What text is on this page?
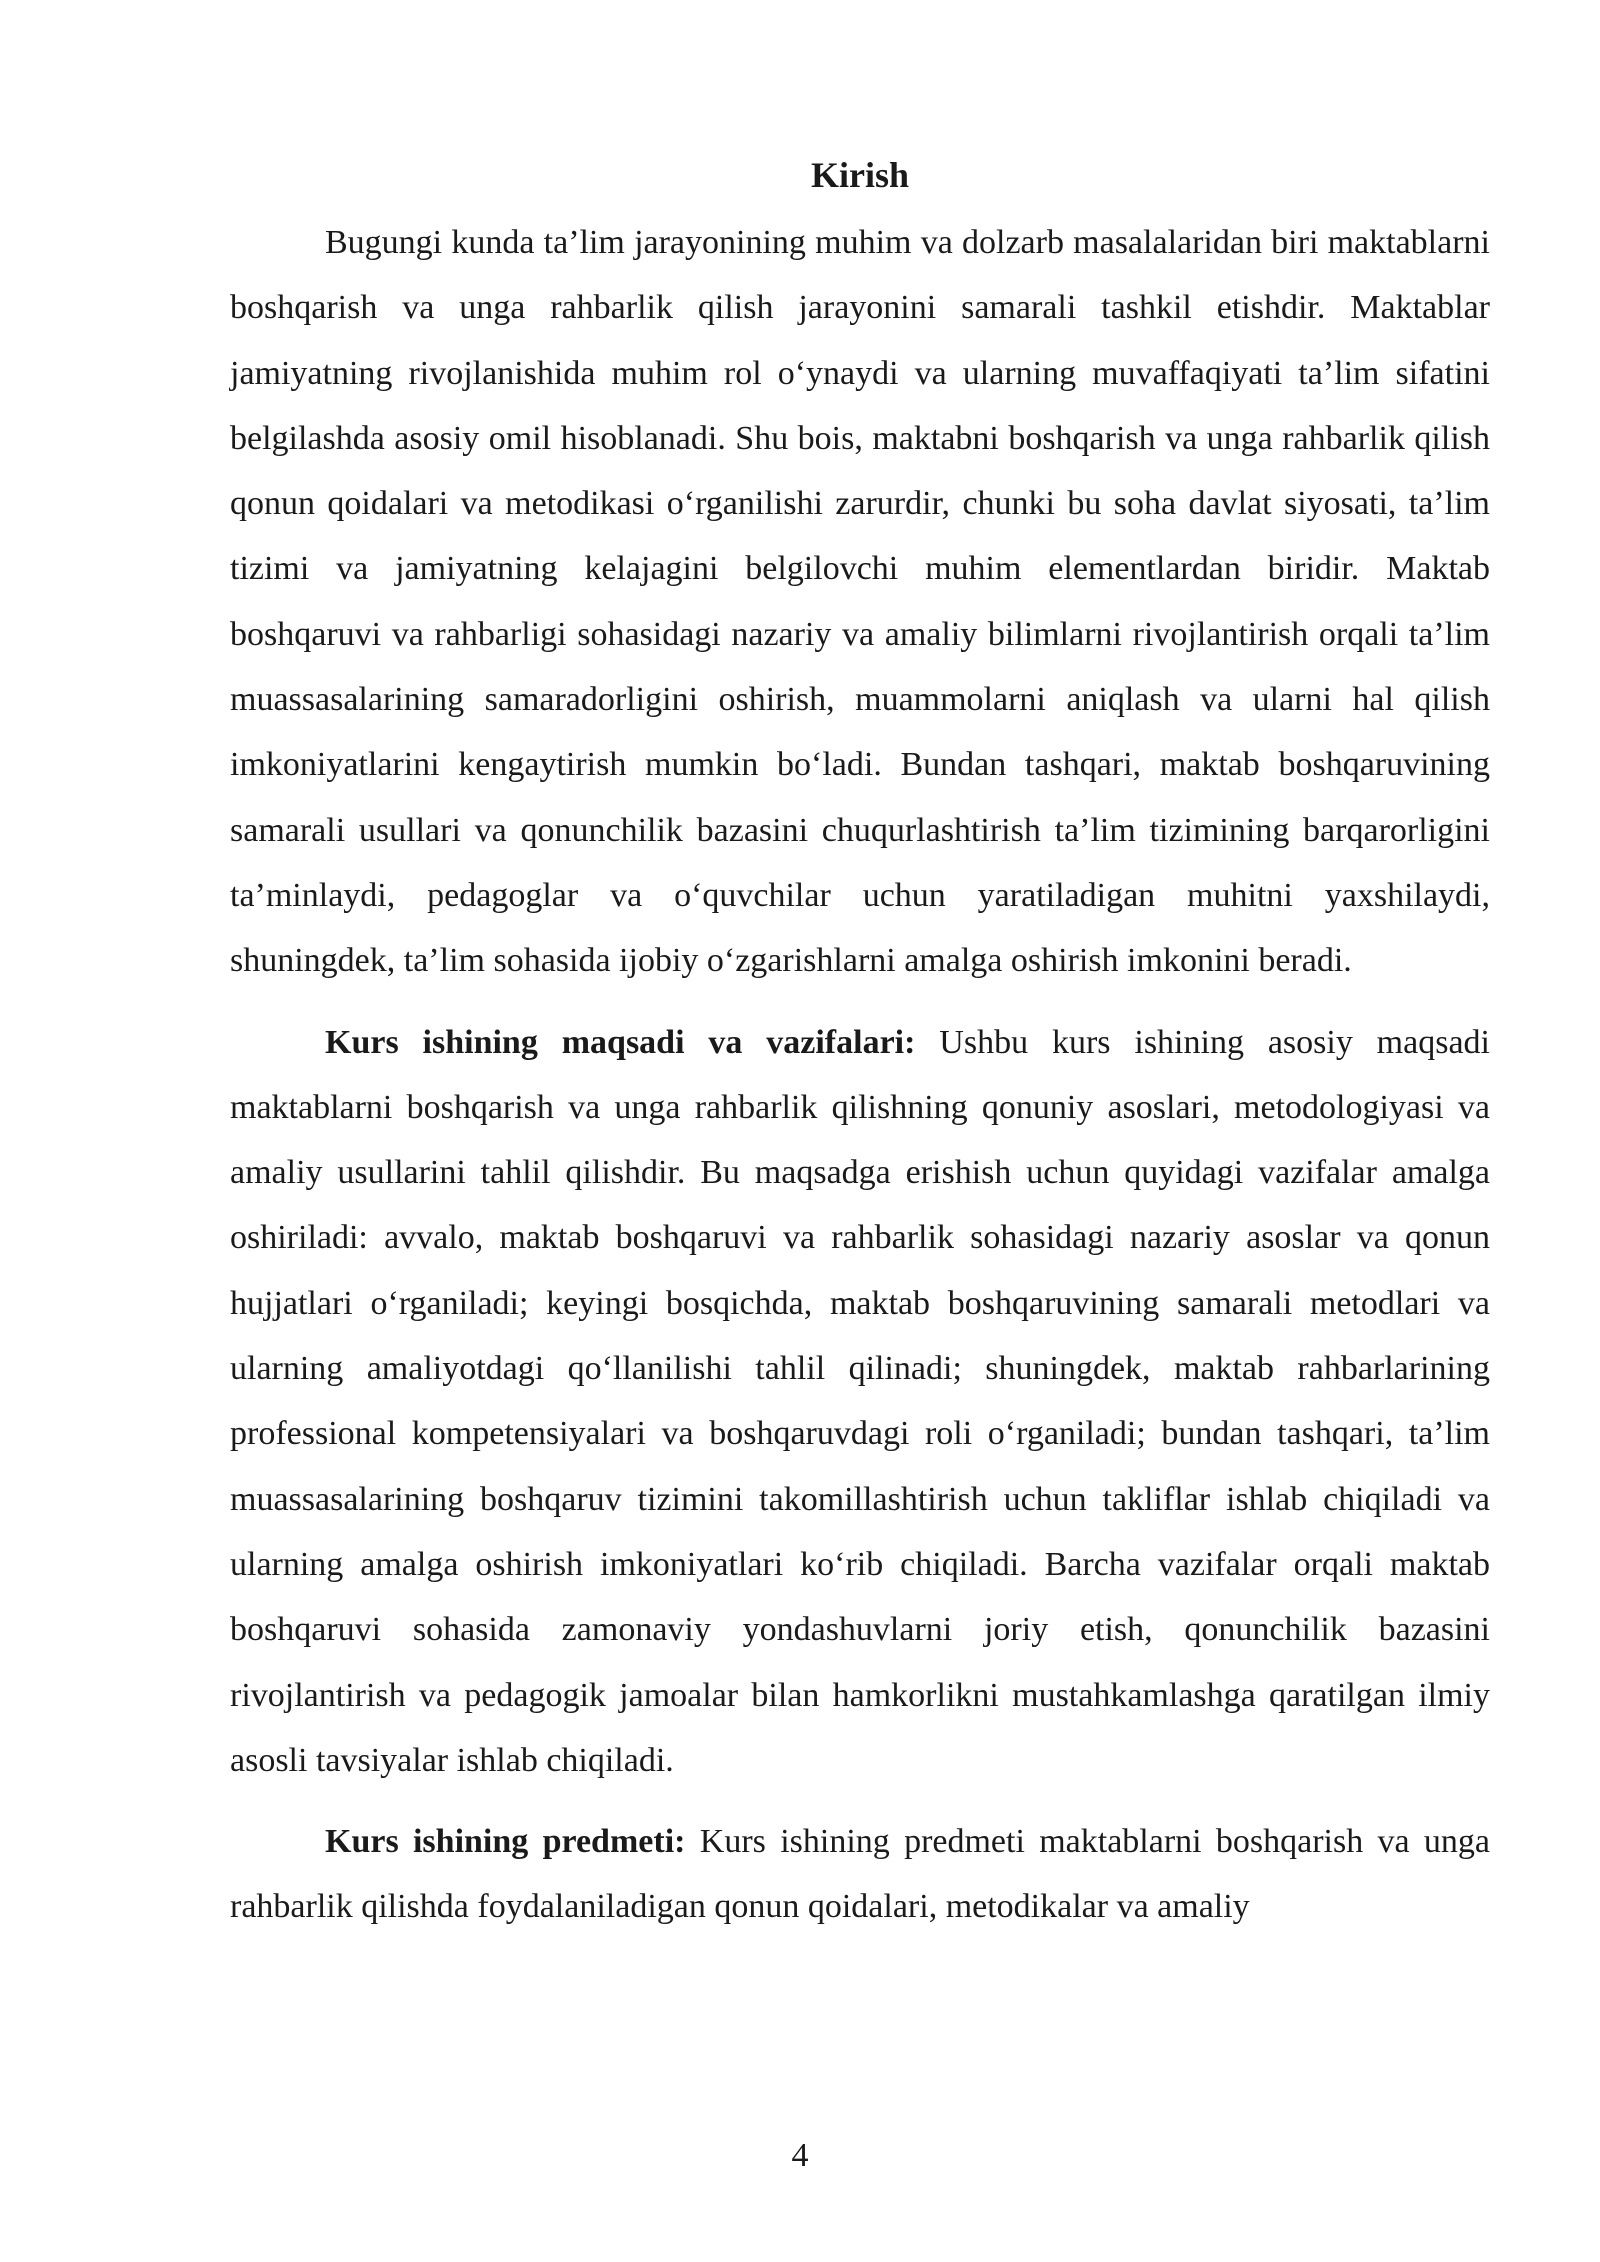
Kirish

Bugungi kunda ta’lim jarayonining muhim va dolzarb masalalaridan biri maktablarni boshqarish va unga rahbarlik qilish jarayonini samarali tashkil etishdir. Maktablar jamiyatning rivojlanishida muhim rol o‘ynaydi va ularning muvaffaqiyati ta’lim sifatini belgilashda asosiy omil hisoblanadi. Shu bois, maktabni boshqarish va unga rahbarlik qilish qonun qoidalari va metodikasi o‘rganilishi zarurdir, chunki bu soha davlat siyosati, ta’lim tizimi va jamiyatning kelajagini belgilovchi muhim elementlardan biridir. Maktab boshqaruvi va rahbarligi sohasidagi nazariy va amaliy bilimlarni rivojlantirish orqali ta’lim muassasalarining samaradorligini oshirish, muammolarni aniqlash va ularni hal qilish imkoniyatlarini kengaytirish mumkin bo‘ladi. Bundan tashqari, maktab boshqaruvining samarali usullari va qonunchilik bazasini chuqurlashtirish ta’lim tizimining barqarorligini ta’minlaydi, pedagoglar va o‘quvchilar uchun yaratiladigan muhitni yaxshilaydi, shuningdek, ta’lim sohasida ijobiy o‘zgarishlarni amalga oshirish imkonini beradi.

Kurs ishining maqsadi va vazifalari: Ushbu kurs ishining asosiy maqsadi maktablarni boshqarish va unga rahbarlik qilishning qonuniy asoslari, metodologiyasi va amaliy usullarini tahlil qilishdir. Bu maqsadga erishish uchun quyidagi vazifalar amalga oshiriladi: avvalo, maktab boshqaruvi va rahbarlik sohasidagi nazariy asoslar va qonun hujjatlari o‘rganiladi; keyingi bosqichda, maktab boshqaruvining samarali metodlari va ularning amaliyotdagi qo‘llanilishi tahlil qilinadi; shuningdek, maktab rahbarlarining professional kompetensiyalari va boshqaruvdagi roli o‘rganiladi; bundan tashqari, ta’lim muassasalarining boshqaruv tizimini takomillashtirish uchun takliflar ishlab chiqiladi va ularning amalga oshirish imkoniyatlari ko‘rib chiqiladi. Barcha vazifalar orqali maktab boshqaruvi sohasida zamonaviy yondashuvlarni joriy etish, qonunchilik bazasini rivojlantirish va pedagogik jamoalar bilan hamkorlikni mustahkamlashga qaratilgan ilmiy asosli tavsiyalar ishlab chiqiladi.

Kurs ishining predmeti: Kurs ishining predmeti maktablarni boshqarish va unga rahbarlik qilishda foydalaniladigan qonun qoidalari, metodikalar va amaliy

4
